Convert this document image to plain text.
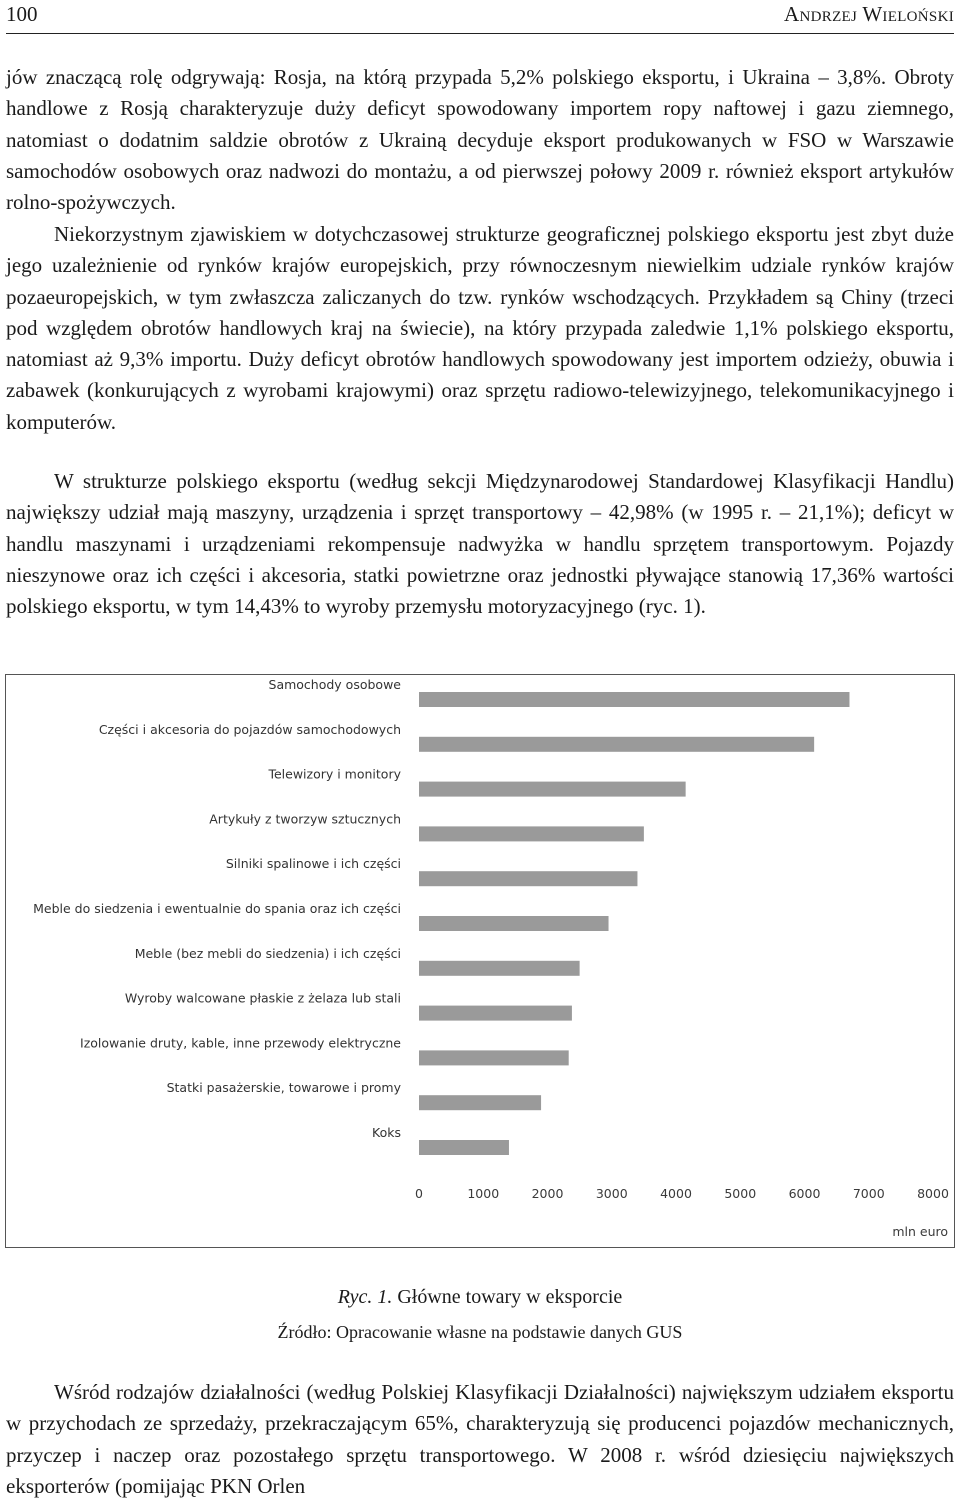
100	Andrzej Wieloński

jów znaczącą rolę odgrywają: Rosja, na którą przypada 5,2% polskiego eksportu, i Ukraina – 3,8%. Obroty handlowe z Rosją charakteryzuje duży deficyt spowodowany importem ropy naftowej i gazu ziemnego, natomiast o dodatnim saldzie obrotów z Ukrainą decyduje eksport produkowanych w FSO w Warszawie samochodów osobowych oraz nadwozi do montażu, a od pierwszej połowy 2009 r. również eksport artykułów rolno-spożywczych.

Niekorzystnym zjawiskiem w dotychczasowej strukturze geograficznej polskiego eksportu jest zbyt duże jego uzależnienie od rynków krajów europejskich, przy równoczesnym niewielkim udziale rynków krajów pozaeuropejskich, w tym zwłaszcza zaliczanych do tzw. rynków wschodzących. Przykładem są Chiny (trzeci pod względem obrotów handlowych kraj na świecie), na który przypada zaledwie 1,1% polskiego eksportu, natomiast aż 9,3% importu. Duży deficyt obrotów handlowych spowodowany jest importem odzieży, obuwia i zabawek (konkurujących z wyrobami krajowymi) oraz sprzętu radiowo-telewizyjnego, telekomunikacyjnego i komputerów.

W strukturze polskiego eksportu (według sekcji Międzynarodowej Standardowej Klasyfikacji Handlu) największy udział mają maszyny, urządzenia i sprzęt transportowy – 42,98% (w 1995 r. – 21,1%); deficyt w handlu maszynami i urządzeniami rekompensuje nadwyżka w handlu sprzętem transportowym. Pojazdy nieszynowe oraz ich części i akcesoria, statki powietrzne oraz jednostki pływające stanowią 17,36% wartości polskiego eksportu, w tym 14,43% to wyroby przemysłu motoryzacyjnego (ryc. 1).

Samochody osobowe
Części i akcesoria do pojazdów samochodowych
Telewizory i monitory
Artykuły z tworzyw sztucznych
Silniki spalinowe i ich części
Meble do siedzenia i ewentualnie do spania oraz ich części
Meble (bez mebli do siedzenia) i ich części
Wyroby walcowane płaskie z żelaza lub stali
Izolowanie druty, kable, inne przewody elektryczne
Statki pasażerskie, towarowe i promy
Koks
0	1000	2000	3000	4000	5000	6000	7000	8000
mln euro
Ryc. 1. Główne towary w eksporcie
Źródło: Opracowanie własne na podstawie danych GUS

Wśród rodzajów działalności (według Polskiej Klasyfikacji Działalności) największym udziałem eksportu w przychodach ze sprzedaży, przekraczającym 65%, charakteryzują się producenci pojazdów mechanicznych, przyczep i naczep oraz pozostałego sprzętu transportowego. W 2008 r. wśród dziesięciu największych eksporterów (pomijając PKN Orlen
